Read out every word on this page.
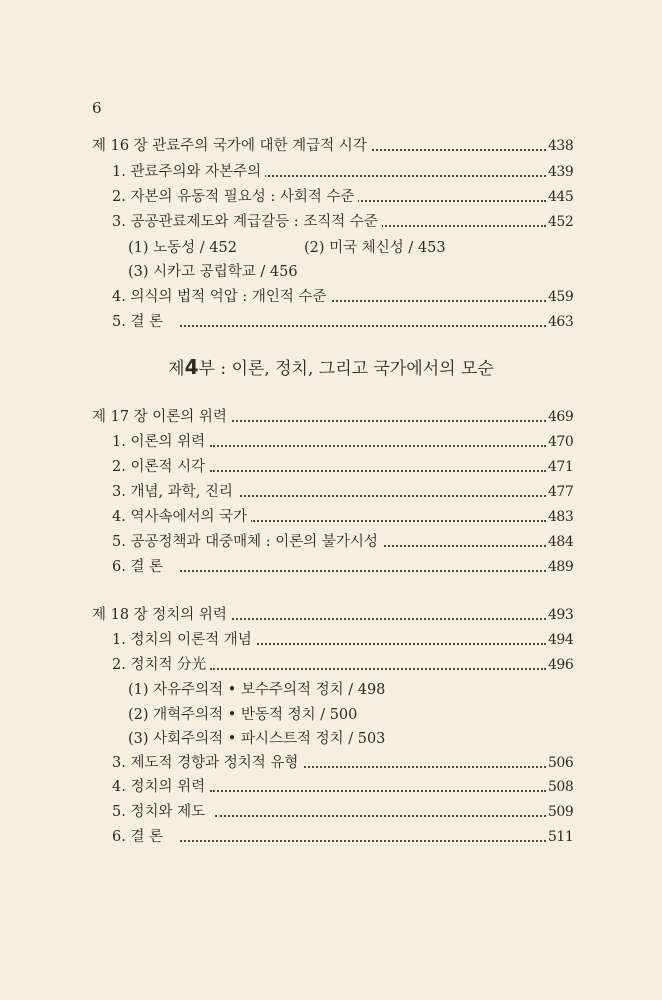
6
제 16 장 관료주의 국가에 대한 계급적 시각	438
1. 관료주의와 자본주의	439
2. 자본의 유동적 필요성 : 사회적 수준	445
3. 공공관료제도와 계급갈등 : 조직적 수준	452
(1) 노동성 / 452	(2) 미국 체신성 / 453
(3) 시카고 공립학교 / 456
4. 의식의 법적 억압 : 개인적 수준	459
5. 결 론	463
제4부 : 이론, 정치, 그리고 국가에서의 모순
제 17 장 이론의 위력	469
1. 이론의 위력	470
2. 이론적 시각	471
3. 개념, 과학, 진리	477
4. 역사속에서의 국가	483
5. 공공정책과 대중매체 : 이론의 불가시성	484
6. 결 론	489
제 18 장 정치의 위력	493
1. 정치의 이론적 개념	494
2. 정치적 分光	496
(1) 자유주의적 • 보수주의적 정치 / 498
(2) 개혁주의적 • 반동적 정치 / 500
(3) 사회주의적 • 파시스트적 정치 / 503
3. 제도적 경향과 정치적 유형	506
4. 정치의 위력	508
5. 정치와 제도	509
6. 결 론	511
